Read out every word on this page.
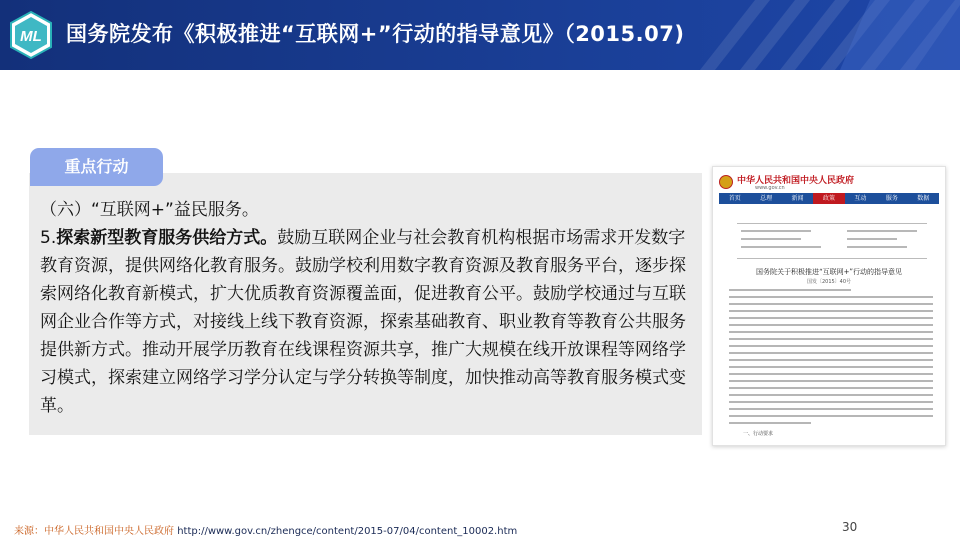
ML 国务院发布《积极推进“互联网+”行动的指导意见》（2015.07)
重点行动

（六）“互联网+”益民服务。

5.探索新型教育服务供给方式。鼓励互联网企业与社会教育机构根据市场需求开发数字教育资源，提供网络化教育服务。鼓励学校利用数字教育资源及教育服务平台，逐步探索网络化教育新模式，扩大优质教育资源覆盖面，促进教育公平。鼓励学校通过与互联网企业合作等方式，对接线上线下教育资源，探索基础教育、职业教育等教育公共服务提供新方式。推动开展学历教育在线课程资源共享，推广大规模在线开放课程等网络学习模式，探索建立网络学习学分认定与学分转换等制度，加快推动高等教育服务模式变革。

中华人民共和国中央人民政府
www.gov.cn
首页	总理	新闻	政策	互动	服务	数据
国务院关于积极推进“互联网+”行动的指导意见
国发〔2015〕40号
一、行动要求
来源：中华人民共和国中央人民政府 http://www.gov.cn/zhengce/content/2015-07/04/content_10002.htm	30
